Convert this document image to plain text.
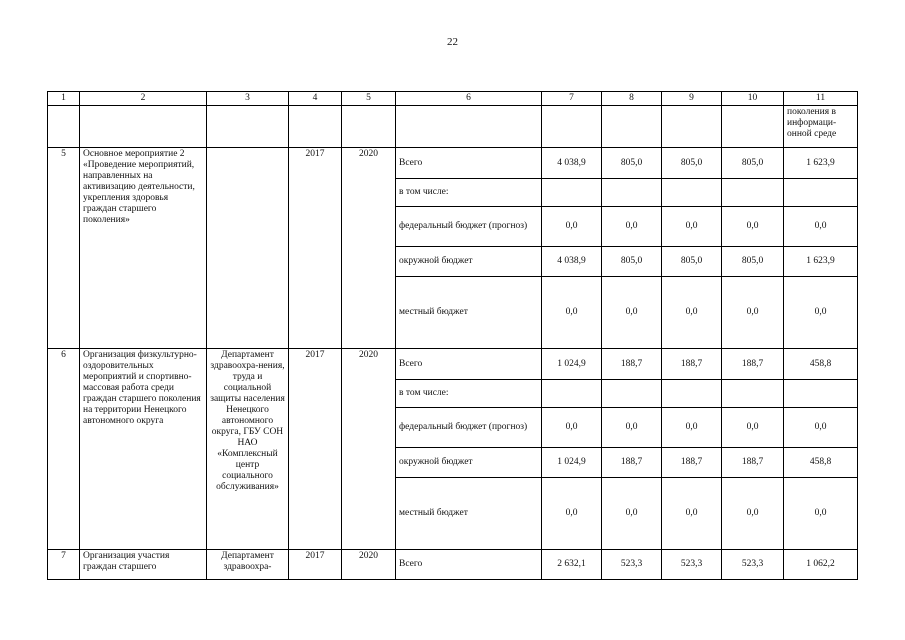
22
1	2	3	4	5	6	7	8	9	10	11	
										поколения в информаци-онной среде	
5	Основное мероприятие 2 «Проведение мероприятий, направленных на активизацию деятельности, укрепления здоровья граждан старшего поколения»		2017	2020	Всего	4 038,9	805,0	805,0	805,0	1 623,9	
					в том числе:						
					федеральный бюджет (прогноз)	0,0	0,0	0,0	0,0	0,0	
					окружной бюджет	4 038,9	805,0	805,0	805,0	1 623,9	
					местный бюджет	0,0	0,0	0,0	0,0	0,0	
6	Организация физкультурно-оздоровительных мероприятий и спортивно-массовая работа среди граждан старшего поколения на территории Ненецкого автономного округа	Департамент здравоохра-нения, труда и социальной защиты населения Ненецкого автономного округа, ГБУ СОН НАО «Комплексный центр социального обслуживания»	2017	2020	Всего	1 024,9	188,7	188,7	188,7	458,8	
					в том числе:						
					федеральный бюджет (прогноз)	0,0	0,0	0,0	0,0	0,0	
					окружной бюджет	1 024,9	188,7	188,7	188,7	458,8	
					местный бюджет	0,0	0,0	0,0	0,0	0,0	
7	Организация участия граждан старшего	Департамент здравоохра-	2017	2020	Всего	2 632,1	523,3	523,3	523,3	1 062,2	
